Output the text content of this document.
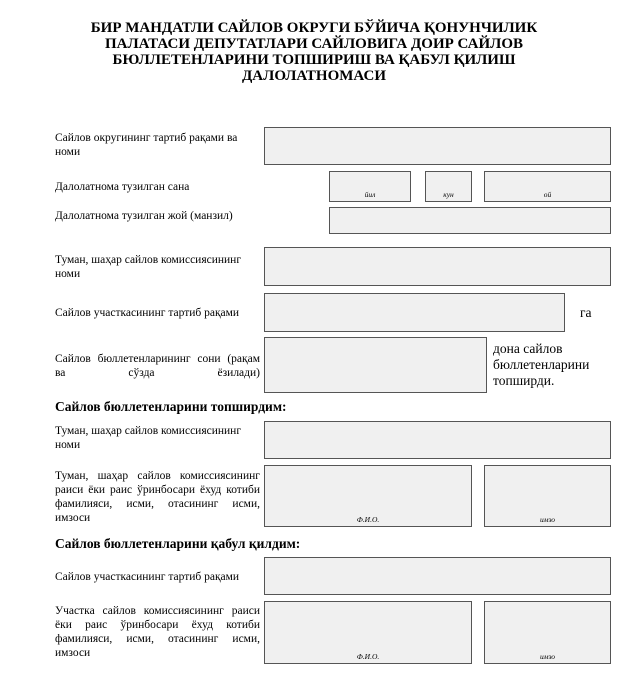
БИР МАНДАТЛИ САЙЛОВ ОКРУГИ БЎЙИЧА ҚОНУНЧИЛИК
ПАЛАТАСИ ДЕПУТАТЛАРИ САЙЛОВИГА ДОИР САЙЛОВ
БЮЛЛЕТЕНЛАРИНИ ТОПШИРИШ ВА ҚАБУЛ ҚИЛИШ
ДАЛОЛАТНОМАСИ
Сайлов округининг тартиб рақами ва номи
Далолатнома тузилган сана
йил	кун	ой
Далолатнома тузилган жой (манзил)
Туман, шаҳар сайлов комиссиясининг номи
Сайлов участкасининг тартиб рақами	га
Сайлов бюллетенларининг сони (рақам ва сўзда ёзилади)
дона сайлов бюллетенларини топширди.
Сайлов бюллетенларини топширдим:
Туман, шаҳар сайлов комиссиясининг номи
Туман, шаҳар сайлов комиссиясининг раиси ёки раис ўринбосари ёхуд котиби фамилияси, исми, отасининг исми, имзоси	Ф.И.О.	имзо
Сайлов бюллетенларини қабул қилдим:
Сайлов участкасининг тартиб рақами
Участка сайлов комиссиясининг раиси ёки раис ўринбосари ёхуд котиби фамилияси, исми, отасининг исми, имзоси	Ф.И.О.	имзо
